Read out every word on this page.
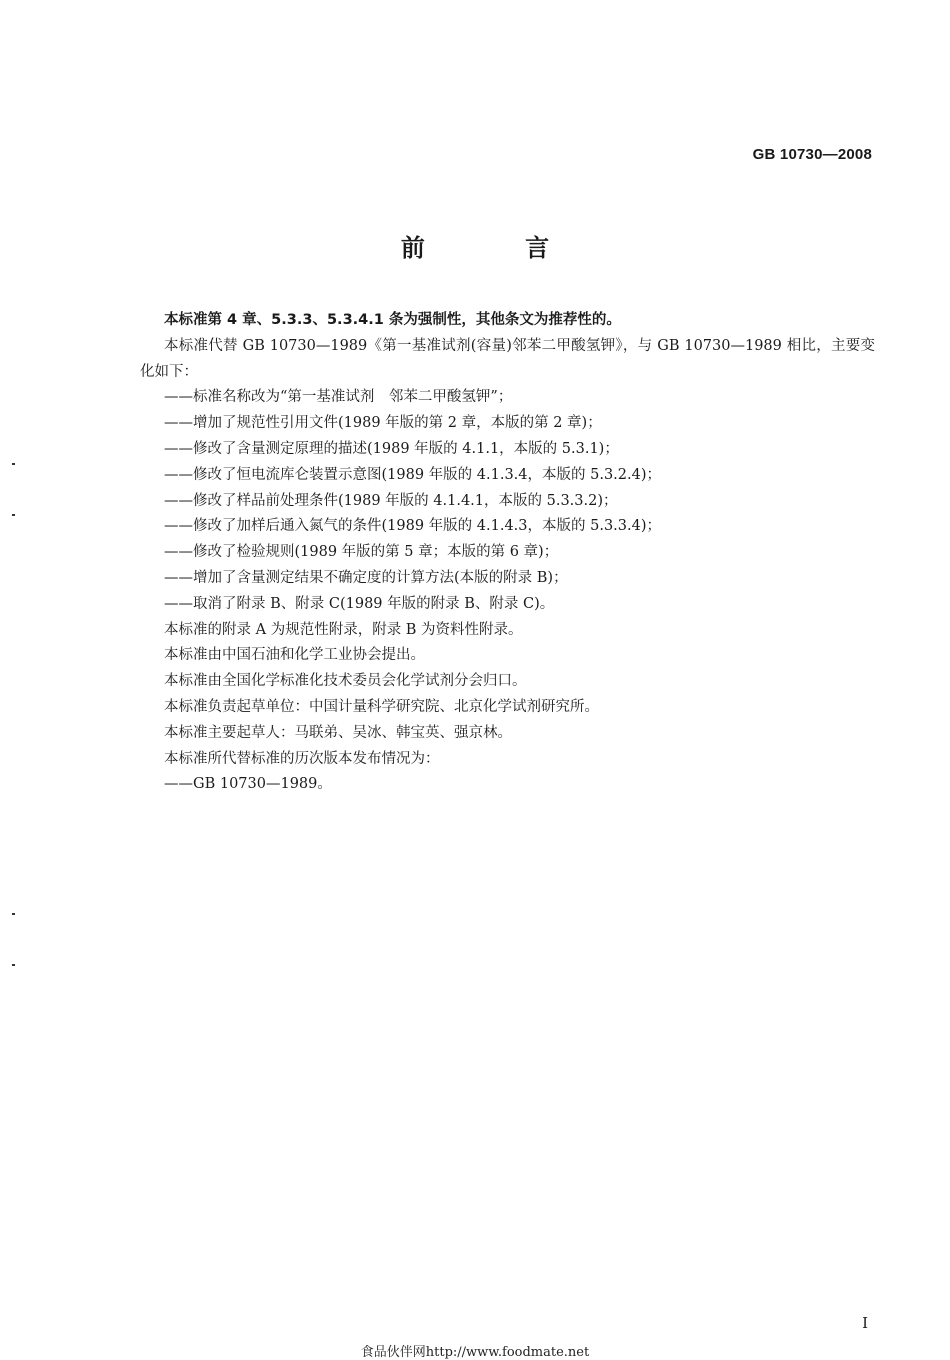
GB 10730—2008
前 言

本标准第 4 章、5.3.3、5.3.4.1 条为强制性，其他条文为推荐性的。

本标准代替 GB 10730—1989《第一基准试剂(容量)邻苯二甲酸氢钾》，与 GB 10730—1989 相比，主要变化如下：

——标准名称改为“第一基准试剂　邻苯二甲酸氢钾”；

——增加了规范性引用文件(1989 年版的第 2 章，本版的第 2 章)；

——修改了含量测定原理的描述(1989 年版的 4.1.1，本版的 5.3.1)；

——修改了恒电流库仑装置示意图(1989 年版的 4.1.3.4，本版的 5.3.2.4)；

——修改了样品前处理条件(1989 年版的 4.1.4.1，本版的 5.3.3.2)；

——修改了加样后通入氮气的条件(1989 年版的 4.1.4.3，本版的 5.3.3.4)；

——修改了检验规则(1989 年版的第 5 章；本版的第 6 章)；

——增加了含量测定结果不确定度的计算方法(本版的附录 B)；

——取消了附录 B、附录 C(1989 年版的附录 B、附录 C)。

本标准的附录 A 为规范性附录，附录 B 为资料性附录。

本标准由中国石油和化学工业协会提出。

本标准由全国化学标准化技术委员会化学试剂分会归口。

本标准负责起草单位：中国计量科学研究院、北京化学试剂研究所。

本标准主要起草人：马联弟、吴冰、韩宝英、强京林。

本标准所代替标准的历次版本发布情况为：

——GB 10730—1989。

I
食品伙伴网http://www.foodmate.net
